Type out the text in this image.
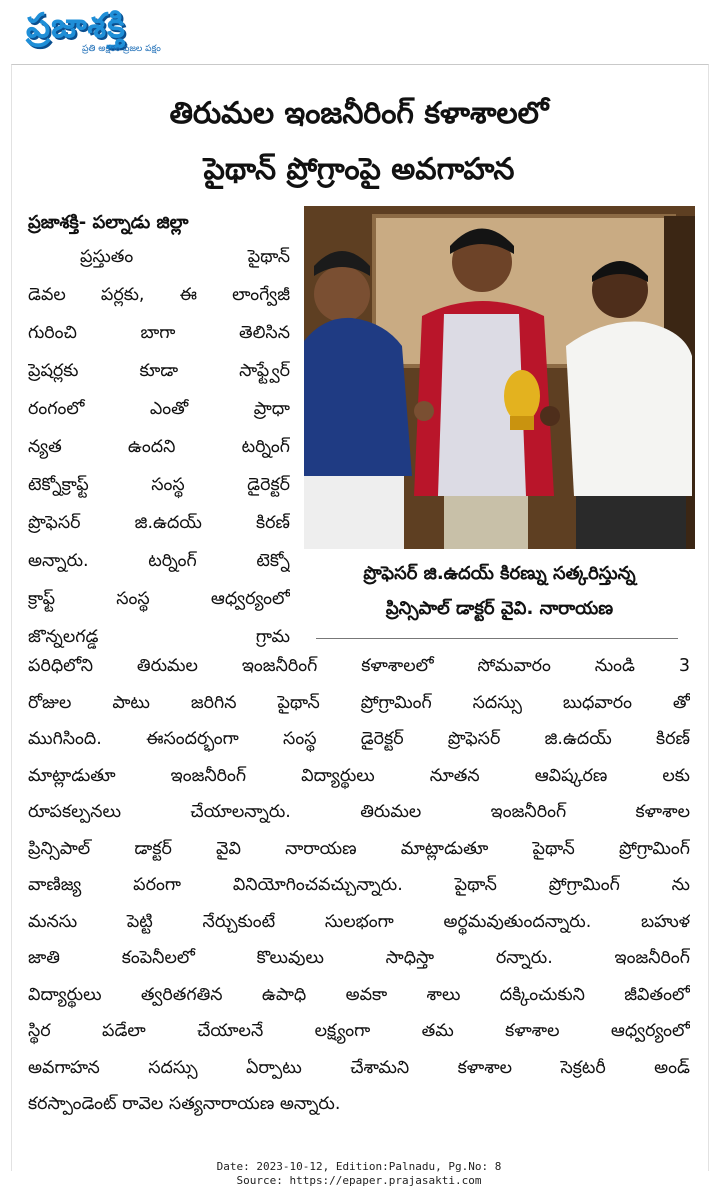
ప్రజాశక్తి
ప్రతి అక్షరం ప్రజల పక్షం
తిరుమల ఇంజనీరింగ్ కళాశాలలో
పైథాన్ ప్రోగ్రాంపై అవగాహన
ప్రజాశక్తి- పల్నాడు జిల్లా

ప్రస్తుతం పైథాన్

డెవల పర్లకు, ఈ లాంగ్వేజీ

గురించి బాగా తెలిసిన

ప్రెషర్లకు కూడా సాఫ్ట్వేర్

రంగంలో ఎంతో ప్రాధా

న్యత ఉందని టర్నింగ్

టెక్నోక్రాఫ్ట్ సంస్థ డైరెక్టర్

ప్రొఫెసర్ జి.ఉదయ్ కిరణ్

అన్నారు. టర్నింగ్ టెక్నో

క్రాఫ్ట్ సంస్థ ఆధ్వర్యంలో

జొన్నలగడ్డ గ్రామ

ప్రొఫెసర్ జి.ఉదయ్ కిరణ్ను సత్కరిస్తున్న
ప్రిన్సిపాల్ డాక్టర్ వైవి. నారాయణ

పరిధిలోని తిరుమల ఇంజనీరింగ్ కళాశాలలో సోమవారం నుండి 3

రోజుల పాటు జరిగిన పైథాన్ ప్రోగ్రామింగ్ సదస్సు బుధవారం తో

ముగిసింది. ఈసందర్భంగా సంస్థ డైరెక్టర్ ప్రొఫెసర్ జి.ఉదయ్ కిరణ్

మాట్లాడుతూ ఇంజనీరింగ్ విద్యార్థులు నూతన ఆవిష్కరణ లకు

రూపకల్పనలు చేయాలన్నారు. తిరుమల ఇంజనీరింగ్ కళాశాల

ప్రిన్సిపాల్ డాక్టర్ వైవి నారాయణ మాట్లాడుతూ పైథాన్ ప్రోగ్రామింగ్

వాణిజ్య పరంగా వినియోగించవచ్చున్నారు. పైథాన్ ప్రోగ్రామింగ్ ను

మనసు పెట్టి నేర్చుకుంటే సులభంగా అర్థమవుతుందన్నారు. బహుళ

జాతి కంపెనీలలో కొలువులు సాధిస్తా రన్నారు. ఇంజనీరింగ్

విద్యార్థులు త్వరితగతిన ఉపాధి అవకా శాలు దక్కించుకుని జీవితంలో

స్థిర పడేలా చేయాలనే లక్ష్యంగా తమ కళాశాల ఆధ్వర్యంలో

అవగాహన సదస్సు ఏర్పాటు చేశామని కళాశాల సెక్రటరీ అండ్

కరస్పాండెంట్ రావెల సత్యనారాయణ అన్నారు.

Date: 2023-10-12, Edition:Palnadu, Pg.No: 8
Source: https://epaper.prajasakti.com
